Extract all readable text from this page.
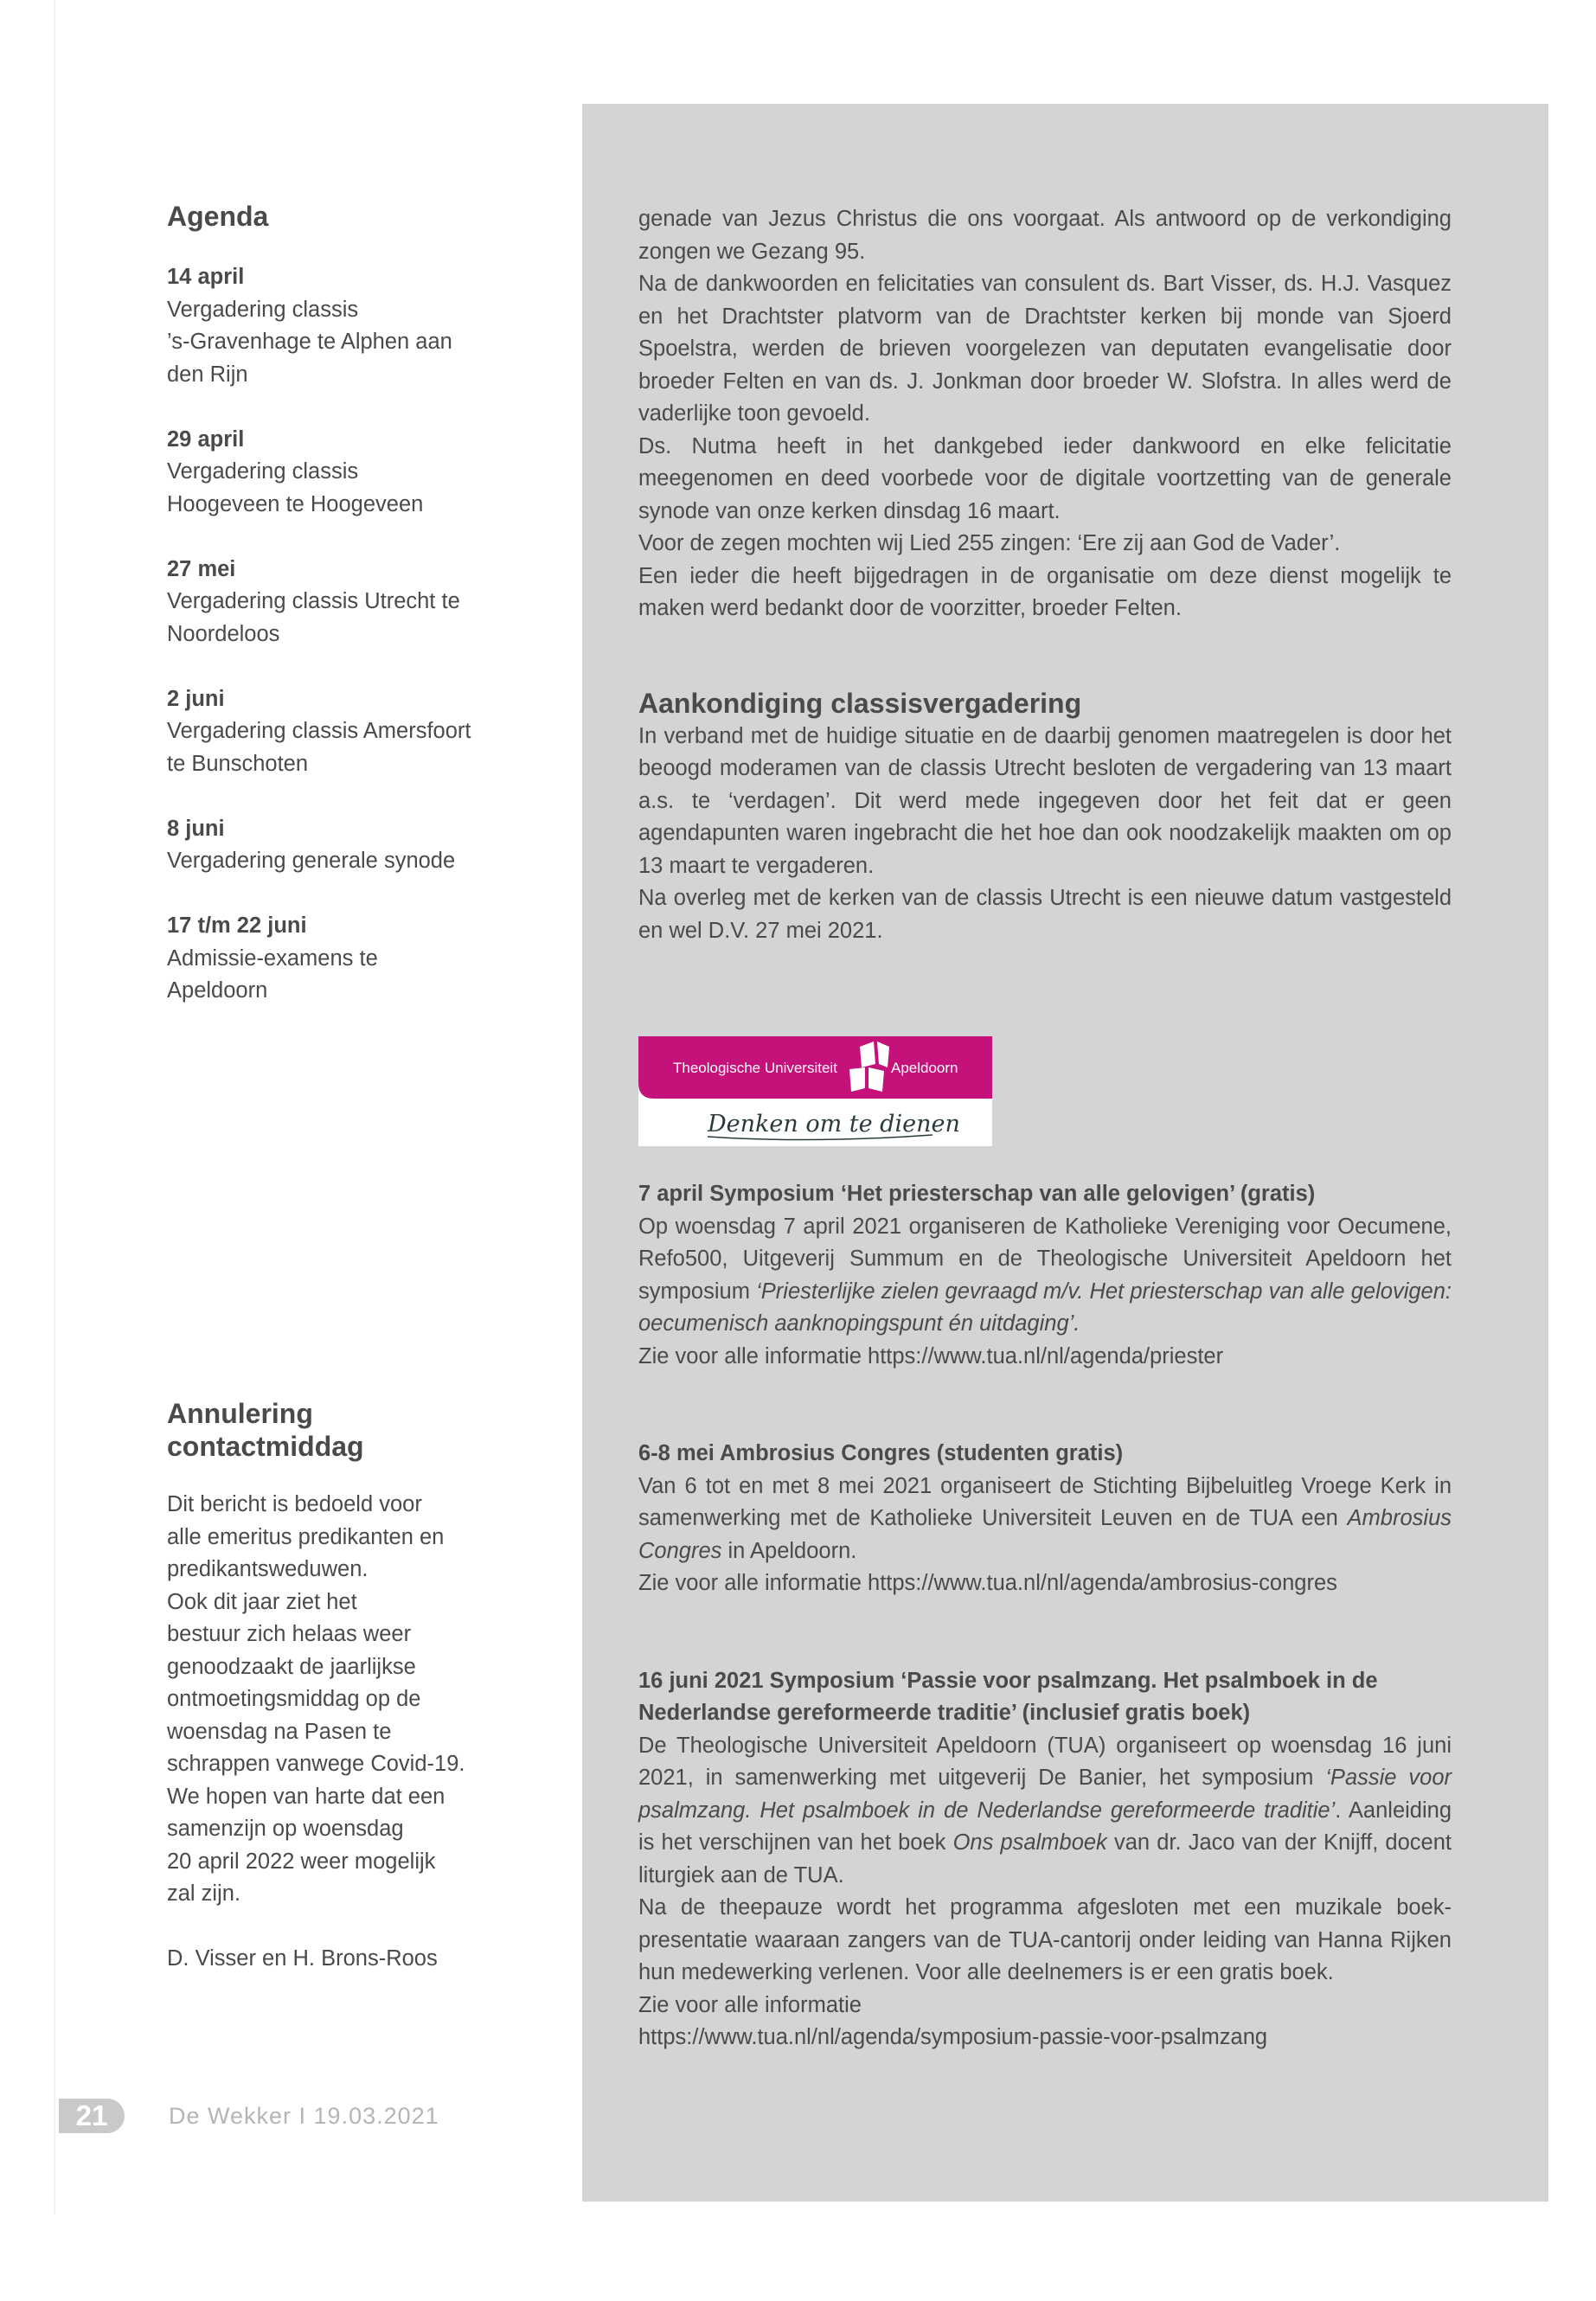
Agenda
14 april
Vergadering classis
’s-Gravenhage te Alphen aan
den Rijn
29 april
Vergadering classis
Hoogeveen te Hoogeveen
27 mei
Vergadering classis Utrecht te
Noordeloos
2 juni
Vergadering classis Amersfoort
te Bunschoten
8 juni
Vergadering generale synode
17 t/m 22 juni
Admissie-examens te
Apeldoorn
Annulering
contactmiddag
Dit bericht is bedoeld voor
alle emeritus predikanten en
predikantsweduwen.
Ook dit jaar ziet het
bestuur zich helaas weer
genoodzaakt de jaarlijkse
ontmoetingsmiddag op de
woensdag na Pasen te
schrappen vanwege Covid-19.
We hopen van harte dat een
samenzijn op woensdag
20 april 2022 weer mogelijk
zal zijn.
D. Visser en H. Brons-Roos

genade van Jezus Christus die ons voorgaat. Als antwoord op de verkondiging zongen we Gezang 95.

Na de dankwoorden en felicitaties van consulent ds. Bart Visser, ds. H.J. Vasquez en het Drachtster platvorm van de Drachtster kerken bij monde van Sjoerd Spoelstra, werden de brieven voorgelezen van deputaten evangelisatie door broeder Felten en van ds. J. Jonkman door broeder W. Slofstra. In alles werd de vaderlijke toon gevoeld.

Ds. Nutma heeft in het dankgebed ieder dankwoord en elke felicitatie meegenomen en deed voorbede voor de digitale voortzetting van de generale synode van onze kerken dinsdag 16 maart.

Voor de zegen mochten wij Lied 255 zingen: ‘Ere zij aan God de Vader’.

Een ieder die heeft bijgedragen in de organisatie om deze dienst mogelijk te maken werd bedankt door de voorzitter, broeder Felten.

Aankondiging classisvergadering

In verband met de huidige situatie en de daarbij genomen maatregelen is door het beoogd moderamen van de classis Utrecht besloten de vergadering van 13 maart a.s. te ‘verdagen’. Dit werd mede ingegeven door het feit dat er geen agendapunten waren ingebracht die het hoe dan ook noodzakelijk maakten om op 13 maart te vergaderen.

Na overleg met de kerken van de classis Utrecht is een nieuwe datum vastgesteld en wel D.V. 27 mei 2021.

7 april Symposium ‘Het priesterschap van alle gelovigen’ (gratis)

Op woensdag 7 april 2021 organiseren de Katholieke Vereniging voor Oecumene, Refo500, Uitgeverij Summum en de Theologische Universiteit Apeldoorn het symposium ‘Priesterlijke zielen gevraagd m/v. Het priesterschap van alle gelovigen: oecumenisch aanknopingspunt én uitdaging’.

Zie voor alle informatie https://www.tua.nl/nl/agenda/priester

6-8 mei Ambrosius Congres (studenten gratis)

Van 6 tot en met 8 mei 2021 organiseert de Stichting Bijbeluitleg Vroege Kerk in samenwerking met de Katholieke Universiteit Leuven en de TUA een Ambrosius Congres in Apeldoorn.

Zie voor alle informatie https://www.tua.nl/nl/agenda/ambrosius-congres

16 juni 2021 Symposium ‘Passie voor psalmzang. Het psalmboek in de Nederlandse gereformeerde traditie’ (inclusief gratis boek)

De Theologische Universiteit Apeldoorn (TUA) organiseert op woensdag 16 juni 2021, in samenwerking met uitgeverij De Banier, het symposium ‘Passie voor psalmzang. Het psalmboek in de Nederlandse gereformeerde traditie’. Aanleiding is het verschijnen van het boek Ons psalmboek van dr. Jaco van der Knijff, docent liturgiek aan de TUA.

Na de theepauze wordt het programma afgesloten met een muzikale boek-presentatie waaraan zangers van de TUA-cantorij onder leiding van Hanna Rijken hun medewerking verlenen. Voor alle deelnemers is er een gratis boek.

Zie voor alle informatie

https://www.tua.nl/nl/agenda/symposium-passie-voor-psalmzang

Theologische Universiteit	Apeldoorn
Denken om te dienen
21	De Wekker I 19.03.2021
